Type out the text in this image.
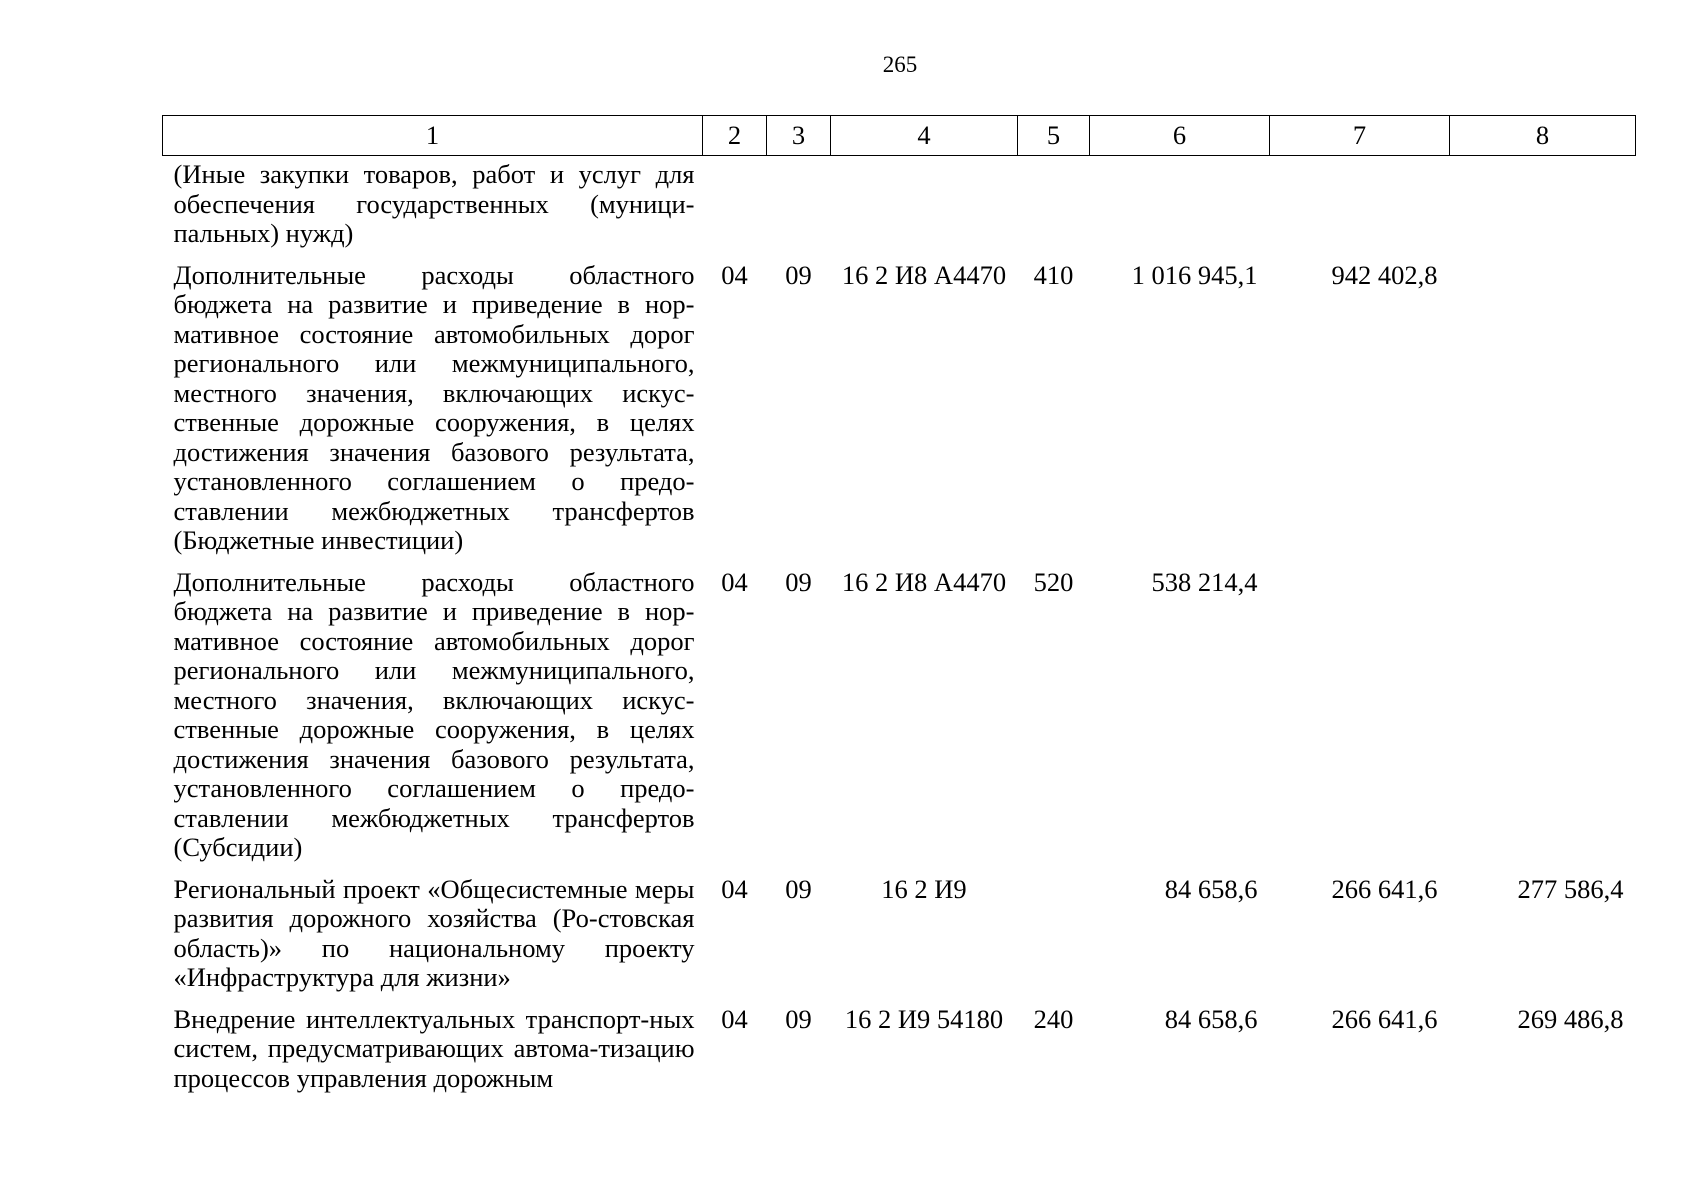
265
1	2	3	4	5	6	7	8
(Иные закупки товаров, работ и услуг для обеспечения государственных (муници-пальных) нужд)							
Дополнительные расходы областного бюджета на развитие и приведение в нор-мативное состояние автомобильных дорог регионального или межмуниципального, местного значения, включающих искус-ственные дорожные сооружения, в целях достижения значения базового результата, установленного соглашением о предо-ставлении межбюджетных трансфертов (Бюджетные инвестиции)	04	09	16 2 И8 А4470	410	1 016 945,1	942 402,8	
Дополнительные расходы областного бюджета на развитие и приведение в нор-мативное состояние автомобильных дорог регионального или межмуниципального, местного значения, включающих искус-ственные дорожные сооружения, в целях достижения значения базового результата, установленного соглашением о предо-ставлении межбюджетных трансфертов (Субсидии)	04	09	16 2 И8 А4470	520	538 214,4		
Региональный проект «Общесистемные меры развития дорожного хозяйства (Ро-стовская область)» по национальному проекту «Инфраструктура для жизни»	04	09	16 2 И9		84 658,6	266 641,6	277 586,4
Внедрение интеллектуальных транспорт-ных систем, предусматривающих автома-тизацию процессов управления дорожным	04	09	16 2 И9 54180	240	84 658,6	266 641,6	269 486,8
